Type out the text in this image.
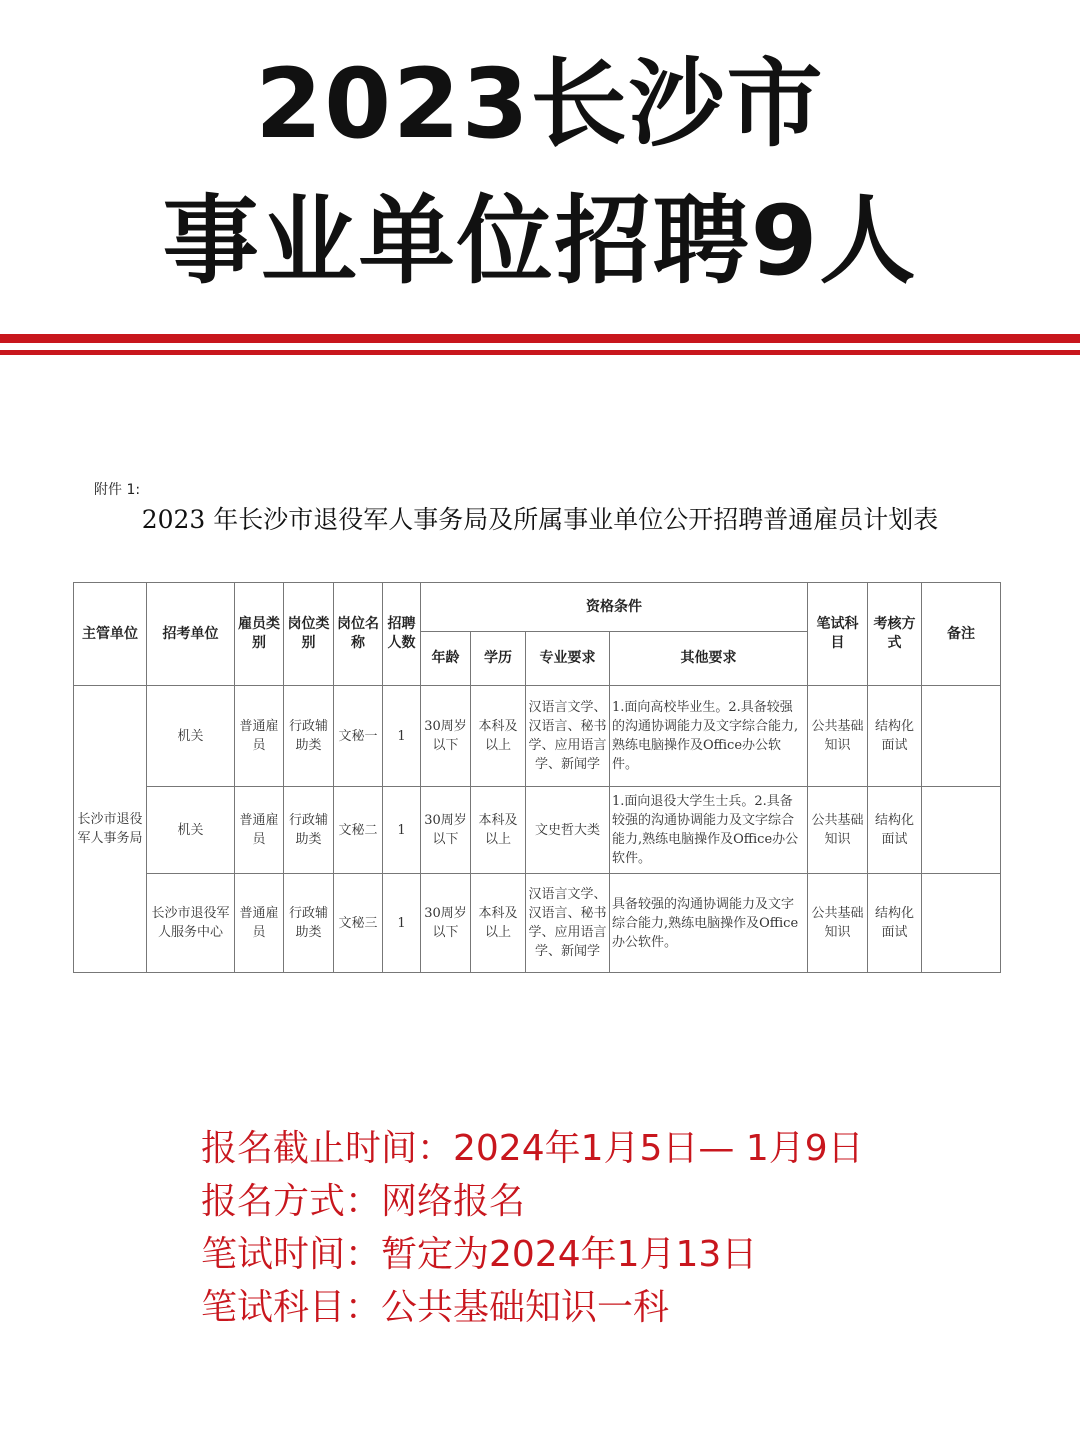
2023长沙市
事业单位招聘9人
附件 1:
2023 年长沙市退役军人事务局及所属事业单位公开招聘普通雇员计划表
主管单位	招考单位	雇员类别	岗位类别	岗位名称	招聘人数	资格条件				笔试科目	考核方式	备注
						年龄	学历	专业要求	其他要求			
长沙市退役军人事务局	机关	普通雇员	行政辅助类	文秘一	1	30周岁以下	本科及以上	汉语言文学、汉语言、秘书学、应用语言学、新闻学	1.面向高校毕业生。2.具备较强的沟通协调能力及文字综合能力,熟练电脑操作及Office办公软件。	公共基础知识	结构化面试	
	机关	普通雇员	行政辅助类	文秘二	1	30周岁以下	本科及以上	文史哲大类	1.面向退役大学生士兵。2.具备较强的沟通协调能力及文字综合能力,熟练电脑操作及Office办公软件。	公共基础知识	结构化面试	
	长沙市退役军人服务中心	普通雇员	行政辅助类	文秘三	1	30周岁以下	本科及以上	汉语言文学、汉语言、秘书学、应用语言学、新闻学	具备较强的沟通协调能力及文字综合能力,熟练电脑操作及Office办公软件。	公共基础知识	结构化面试	
报名截止时间：2024年1月5日— 1月9日
报名方式：网络报名
笔试时间：暂定为2024年1月13日
笔试科目：公共基础知识一科
